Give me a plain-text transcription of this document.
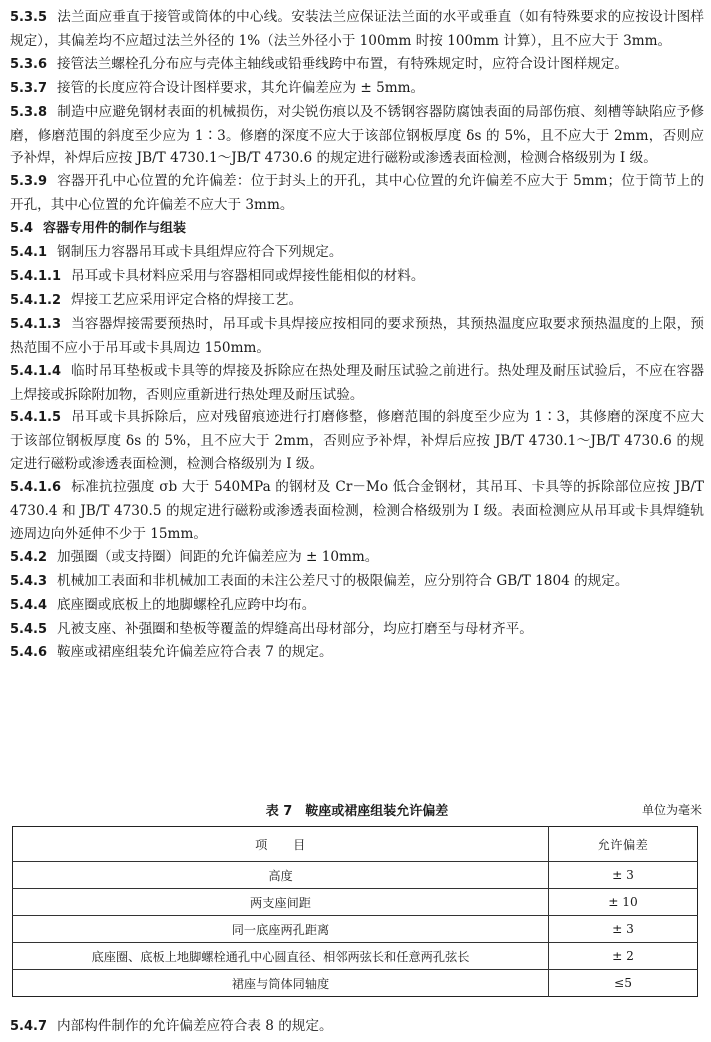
5.3.5 法兰面应垂直于接管或筒体的中心线。安装法兰应保证法兰面的水平或垂直（如有特殊要求的应按设计图样规定），其偏差均不应超过法兰外径的 1%（法兰外径小于 100mm 时按 100mm 计算），且不应大于 3mm。

5.3.6 接管法兰螺栓孔分布应与壳体主轴线或铅垂线跨中布置，有特殊规定时，应符合设计图样规定。

5.3.7 接管的长度应符合设计图样要求，其允许偏差应为 ± 5mm。

5.3.8 制造中应避免钢材表面的机械损伤，对尖锐伤痕以及不锈钢容器防腐蚀表面的局部伤痕、刻槽等缺陷应予修磨，修磨范围的斜度至少应为 1∶3。修磨的深度不应大于该部位钢板厚度 δs 的 5%，且不应大于 2mm，否则应予补焊，补焊后应按 JB/T 4730.1～JB/T 4730.6 的规定进行磁粉或渗透表面检测，检测合格级别为 Ⅰ 级。

5.3.9 容器开孔中心位置的允许偏差：位于封头上的开孔，其中心位置的允许偏差不应大于 5mm；位于筒节上的开孔，其中心位置的允许偏差不应大于 3mm。

5.4 容器专用件的制作与组装

5.4.1 钢制压力容器吊耳或卡具组焊应符合下列规定。

5.4.1.1 吊耳或卡具材料应采用与容器相同或焊接性能相似的材料。

5.4.1.2 焊接工艺应采用评定合格的焊接工艺。

5.4.1.3 当容器焊接需要预热时，吊耳或卡具焊接应按相同的要求预热，其预热温度应取要求预热温度的上限，预热范围不应小于吊耳或卡具周边 150mm。

5.4.1.4 临时吊耳垫板或卡具等的焊接及拆除应在热处理及耐压试验之前进行。热处理及耐压试验后，不应在容器上焊接或拆除附加物，否则应重新进行热处理及耐压试验。

5.4.1.5 吊耳或卡具拆除后，应对残留痕迹进行打磨修整，修磨范围的斜度至少应为 1∶3，其修磨的深度不应大于该部位钢板厚度 δs 的 5%，且不应大于 2mm，否则应予补焊，补焊后应按 JB/T 4730.1～JB/T 4730.6 的规定进行磁粉或渗透表面检测，检测合格级别为 Ⅰ 级。

5.4.1.6 标准抗拉强度 σb 大于 540MPa 的钢材及 Cr－Mo 低合金钢材，其吊耳、卡具等的拆除部位应按 JB/T 4730.4 和 JB/T 4730.5 的规定进行磁粉或渗透表面检测，检测合格级别为 Ⅰ 级。表面检测应从吊耳或卡具焊缝轨迹周边向外延伸不少于 15mm。

5.4.2 加强圈（或支持圈）间距的允许偏差应为 ± 10mm。

5.4.3 机械加工表面和非机械加工表面的未注公差尺寸的极限偏差，应分别符合 GB/T 1804 的规定。

5.4.4 底座圈或底板上的地脚螺栓孔应跨中均布。

5.4.5 凡被支座、补强圈和垫板等覆盖的焊缝高出母材部分，均应打磨至与母材齐平。

5.4.6 鞍座或裙座组装允许偏差应符合表 7 的规定。

表 7　鞍座或裙座组装允许偏差	单位为毫米
项　　目	允许偏差
高度	± 3
两支座间距	± 10
同一底座两孔距离	± 3
底座圈、底板上地脚螺栓通孔中心圆直径、相邻两弦长和任意两孔弦长	± 2
裙座与筒体同轴度	≤5

5.4.7 内部构件制作的允许偏差应符合表 8 的规定。
